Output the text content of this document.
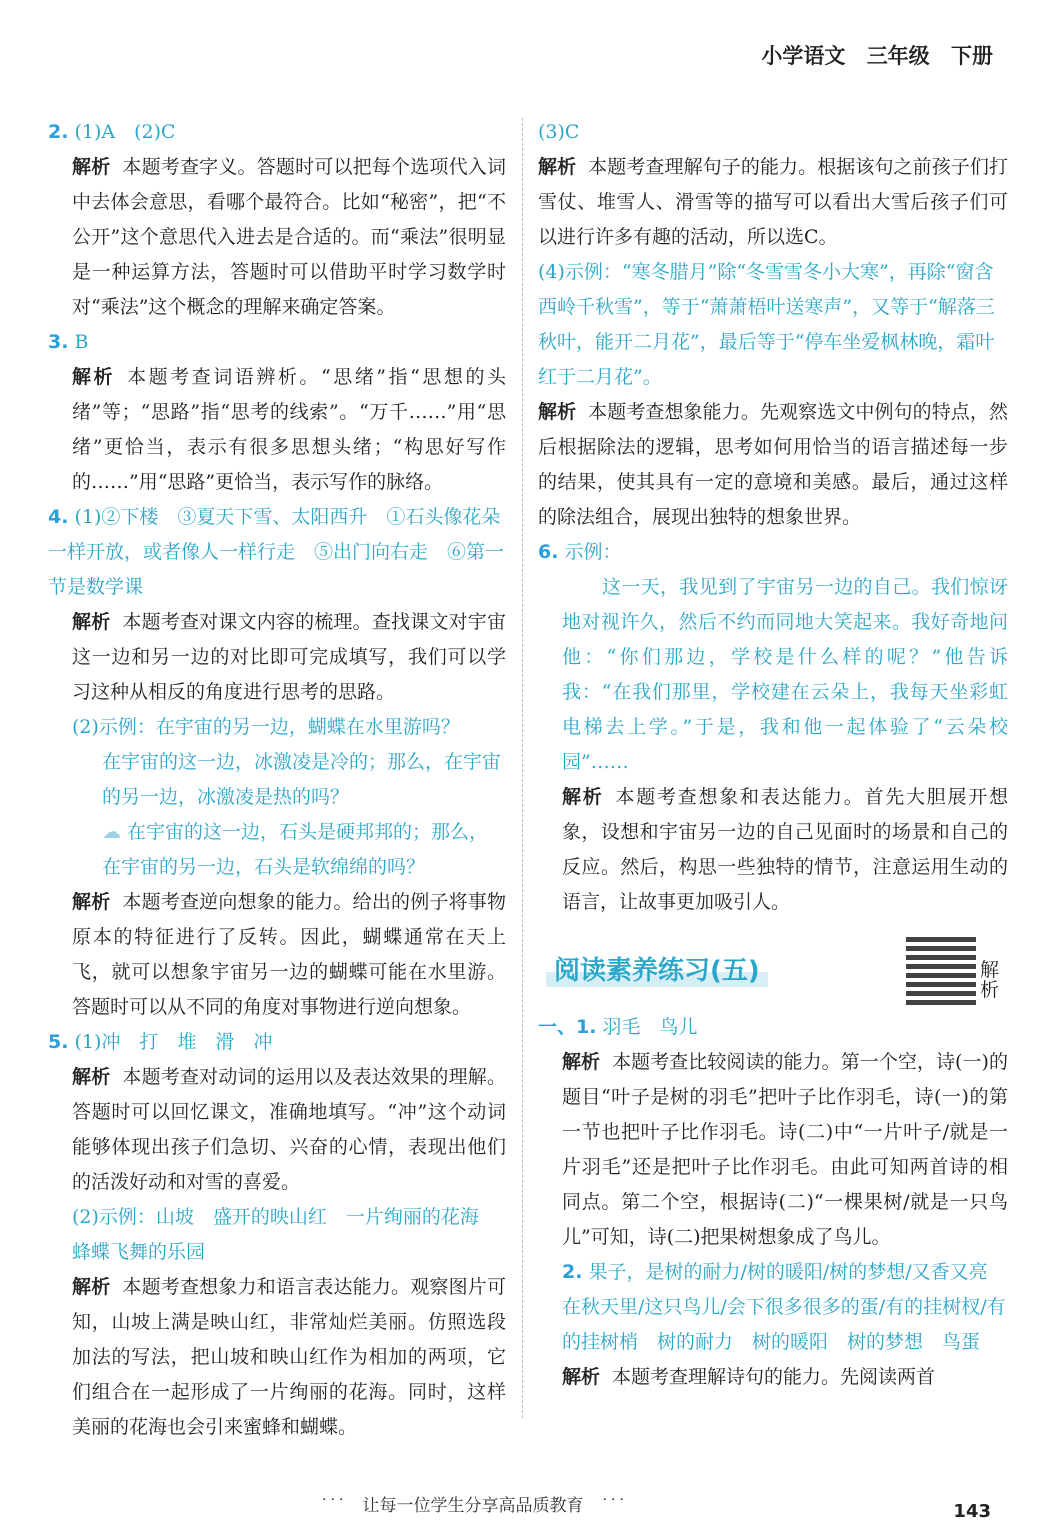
小学语文 三年级 下册

2. (1)A　(2)C

解析 本题考查字义。答题时可以把每个选项代入词中去体会意思，看哪个最符合。比如“秘密”，把“不公开”这个意思代入进去是合适的。而“乘法”很明显是一种运算方法，答题时可以借助平时学习数学时对“乘法”这个概念的理解来确定答案。

3. B

解析 本题考查词语辨析。“思绪”指“思想的头绪”等；“思路”指“思考的线索”。“万千……”用“思绪”更恰当，表示有很多思想头绪；“构思好写作的……”用“思路”更恰当，表示写作的脉络。

4. (1)②下楼　③夏天下雪、太阳西升　①石头像花朵一样开放，或者像人一样行走　⑤出门向右走　⑥第一节是数学课

解析 本题考查对课文内容的梳理。查找课文对宇宙这一边和另一边的对比即可完成填写，我们可以学习这种从相反的角度进行思考的思路。

(2)示例：在宇宙的另一边，蝴蝶在水里游吗？

在宇宙的这一边，冰激凌是冷的；那么，在宇宙的另一边，冰激凌是热的吗？

☁ 在宇宙的这一边，石头是硬邦邦的；那么，在宇宙的另一边，石头是软绵绵的吗？

解析 本题考查逆向想象的能力。给出的例子将事物原本的特征进行了反转。因此，蝴蝶通常在天上飞，就可以想象宇宙另一边的蝴蝶可能在水里游。答题时可以从不同的角度对事物进行逆向想象。

5. (1)冲　打　堆　滑　冲

解析 本题考查对动词的运用以及表达效果的理解。答题时可以回忆课文，准确地填写。“冲”这个动词能够体现出孩子们急切、兴奋的心情，表现出他们的活泼好动和对雪的喜爱。

(2)示例：山坡　盛开的映山红　一片绚丽的花海　蜂蝶飞舞的乐园

解析 本题考查想象力和语言表达能力。观察图片可知，山坡上满是映山红，非常灿烂美丽。仿照选段加法的写法，把山坡和映山红作为相加的两项，它们组合在一起形成了一片绚丽的花海。同时，这样美丽的花海也会引来蜜蜂和蝴蝶。

(3)C

解析 本题考查理解句子的能力。根据该句之前孩子们打雪仗、堆雪人、滑雪等的描写可以看出大雪后孩子们可以进行许多有趣的活动，所以选C。

(4)示例：“寒冬腊月”除“冬雪雪冬小大寒”，再除“窗含西岭千秋雪”，等于“萧萧梧叶送寒声”，又等于“解落三秋叶，能开二月花”，最后等于“停车坐爱枫林晚，霜叶红于二月花”。

解析 本题考查想象能力。先观察选文中例句的特点，然后根据除法的逻辑，思考如何用恰当的语言描述每一步的结果，使其具有一定的意境和美感。最后，通过这样的除法组合，展现出独特的想象世界。

6. 示例：

这一天，我见到了宇宙另一边的自己。我们惊讶地对视许久，然后不约而同地大笑起来。我好奇地问他：“你们那边，学校是什么样的呢？”他告诉我：“在我们那里，学校建在云朵上，我每天坐彩虹电梯去上学。”于是，我和他一起体验了“云朵校园”……

解析 本题考查想象和表达能力。首先大胆展开想象，设想和宇宙另一边的自己见面时的场景和自己的反应。然后，构思一些独特的情节，注意运用生动的语言，让故事更加吸引人。

阅读素养练习(五)	解析

一、1. 羽毛　鸟儿

解析 本题考查比较阅读的能力。第一个空，诗(一)的题目“叶子是树的羽毛”把叶子比作羽毛，诗(一)的第一节也把叶子比作羽毛。诗(二)中“一片叶子/就是一片羽毛”还是把叶子比作羽毛。由此可知两首诗的相同点。第二个空，根据诗(二)“一棵果树/就是一只鸟儿”可知，诗(二)把果树想象成了鸟儿。

2. 果子，是树的耐力/树的暖阳/树的梦想/又香又亮　在秋天里/这只鸟儿/会下很多很多的蛋/有的挂树杈/有的挂树梢　树的耐力　树的暖阳　树的梦想　鸟蛋

解析 本题考查理解诗句的能力。先阅读两首

˙˙˙　让每一位学生分享高品质教育　˙˙˙	143
